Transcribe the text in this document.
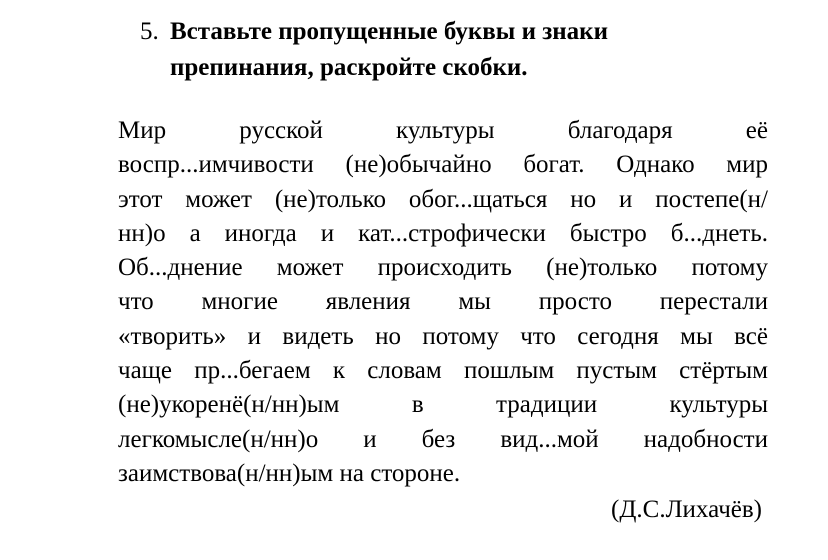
5. Вставьте пропущенные буквы и знаки препинания, раскройте скобки.
Мир русской культуры благодаря её
воспр...имчивости (не)обычайно богат. Однако мир
этот может (не)только обог...щаться но и постепе(н/
нн)о а иногда и кат...строфически быстро б...днеть.
Об...днение может происходить (не)только потому
что многие явления мы просто перестали
«творить» и видеть но потому что сегодня мы всё
чаще пр...бегаем к словам пошлым пустым стёртым
(не)укоренё(н/нн)ым в традиции культуры
легкомысле(н/нн)о и без вид...мой надобности
заимствова(н/нн)ым на стороне.
(Д.С.Лихачёв)
